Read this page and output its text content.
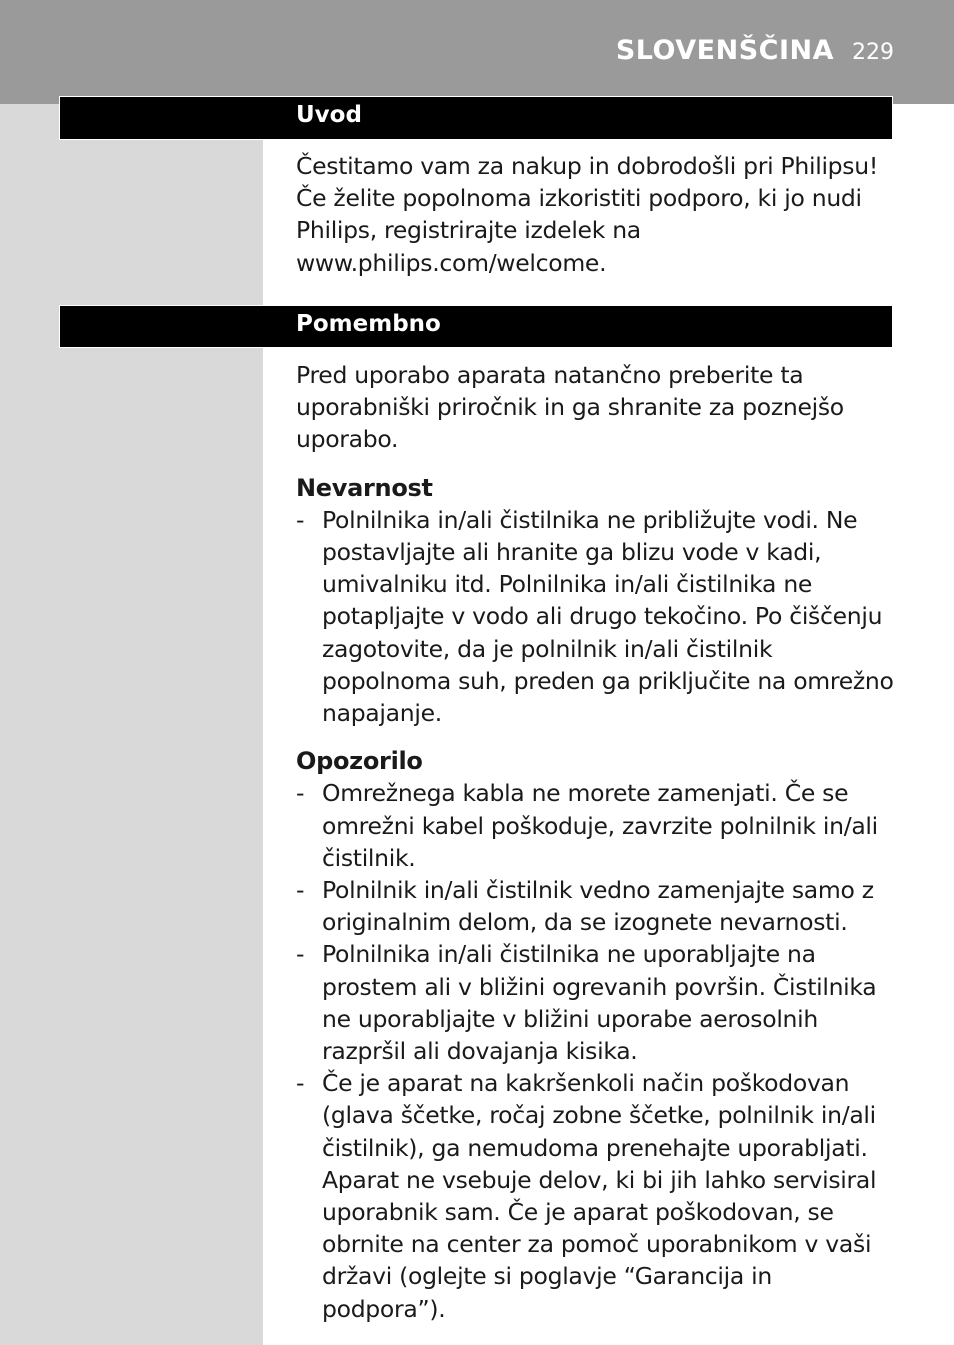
SLOVENŠČINA 229
Uvod

Čestitamo vam za nakup in dobrodošli pri Philipsu! Če želite popolnoma izkoristiti podporo, ki jo nudi Philips, registrirajte izdelek na www.philips.com/welcome.

Pomembno

Pred uporabo aparata natančno preberite ta uporabniški priročnik in ga shranite za poznejšo uporabo.

Nevarnost

- Polnilnika in/ali čistilnika ne približujte vodi. Ne postavljajte ali hranite ga blizu vode v kadi, umivalniku itd. Polnilnika in/ali čistilnika ne potapljajte v vodo ali drugo tekočino. Po čiščenju zagotovite, da je polnilnik in/ali čistilnik popolnoma suh, preden ga priključite na omrežno napajanje.

Opozorilo

- Omrežnega kabla ne morete zamenjati. Če se omrežni kabel poškoduje, zavrzite polnilnik in/ali čistilnik.
- Polnilnik in/ali čistilnik vedno zamenjajte samo z originalnim delom, da se izognete nevarnosti.
- Polnilnika in/ali čistilnika ne uporabljajte na prostem ali v bližini ogrevanih površin. Čistilnika ne uporabljajte v bližini uporabe aerosolnih razpršil ali dovajanja kisika.
- Če je aparat na kakršenkoli način poškodovan (glava ščetke, ročaj zobne ščetke, polnilnik in/ali čistilnik), ga nemudoma prenehajte uporabljati. Aparat ne vsebuje delov, ki bi jih lahko servisiral uporabnik sam. Če je aparat poškodovan, se obrnite na center za pomoč uporabnikom v vaši državi (oglejte si poglavje “Garancija in podpora”).
